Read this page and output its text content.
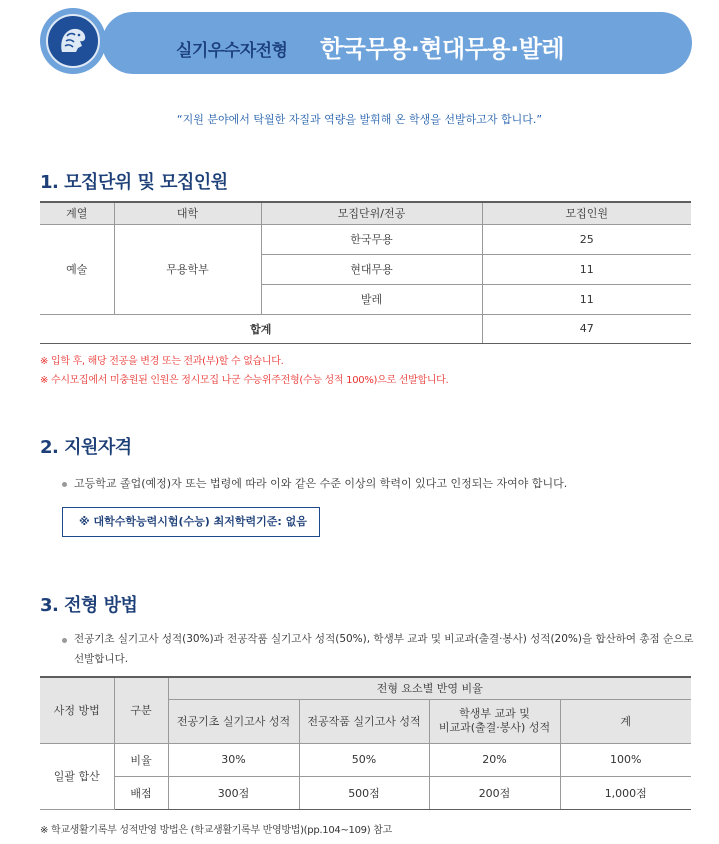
실기우수자전형 한국무용·현대무용·발레
“지원 분야에서 탁월한 자질과 역량을 발휘해 온 학생을 선발하고자 합니다.”
1. 모집단위 및 모집인원
계열	대학	모집단위/전공	모집인원
예술	무용학부	한국무용	25
		현대무용	11
		발레	11
합계			47
※ 입학 후, 해당 전공을 변경 또는 전과(부)할 수 없습니다.
※ 수시모집에서 미충원된 인원은 정시모집 나군 수능위주전형(수능 성적 100%)으로 선발합니다.
2. 지원자격
고등학교 졸업(예정)자 또는 법령에 따라 이와 같은 수준 이상의 학력이 있다고 인정되는 자여야 합니다.
※ 대학수학능력시험(수능) 최저학력기준: 없음
3. 전형 방법
전공기초 실기고사 성적(30%)과 전공작품 실기고사 성적(50%), 학생부 교과 및 비교과(출결·봉사) 성적(20%)을 합산하여 총점 순으로
선발합니다.
사정 방법	구분	전형 요소별 반영 비율			
		전공기초 실기고사 성적	전공작품 실기고사 성적	학생부 교과 및
비교과(출결·봉사) 성적	계
일괄 합산	비율	30%	50%	20%	100%
	배점	300점	500점	200점	1,000점
※ 학교생활기록부 성적반영 방법은 (학교생활기록부 반영방법)(pp.104~109) 참고
